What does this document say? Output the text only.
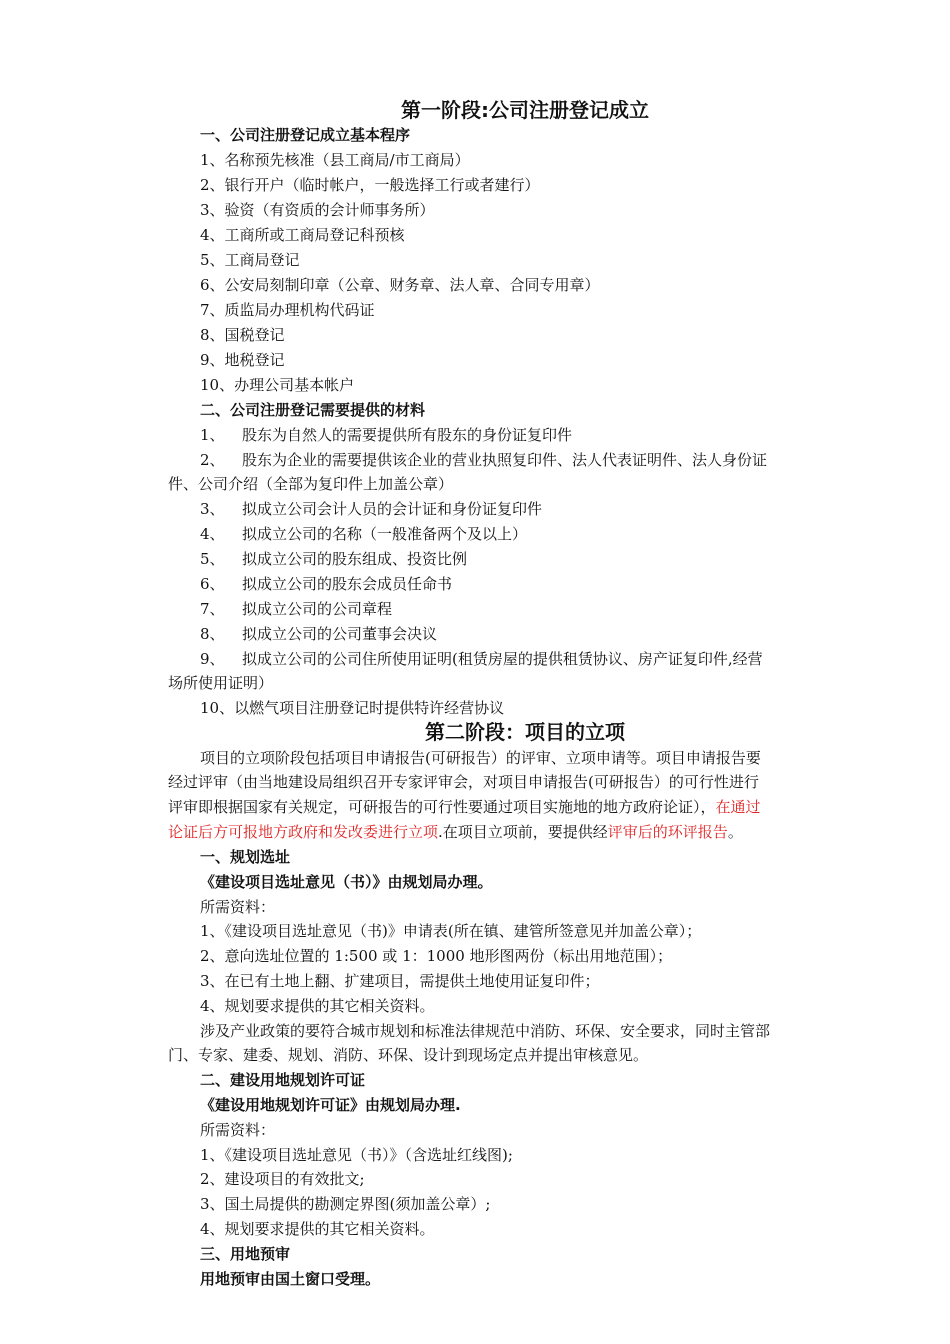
第一阶段:公司注册登记成立
一、公司注册登记成立基本程序
1、名称预先核准（县工商局/市工商局）
2、银行开户（临时帐户，一般选择工行或者建行）
3、验资（有资质的会计师事务所）
4、工商所或工商局登记科预核
5、工商局登记
6、公安局刻制印章（公章、财务章、法人章、合同专用章）
7、质监局办理机构代码证
8、国税登记
9、地税登记
10、办理公司基本帐户
二、公司注册登记需要提供的材料
1、 股东为自然人的需要提供所有股东的身份证复印件
2、 股东为企业的需要提供该企业的营业执照复印件、法人代表证明件、法人身份证
件、公司介绍（全部为复印件上加盖公章）
3、 拟成立公司会计人员的会计证和身份证复印件
4、 拟成立公司的名称（一般准备两个及以上）
5、 拟成立公司的股东组成、投资比例
6、 拟成立公司的股东会成员任命书
7、 拟成立公司的公司章程
8、 拟成立公司的公司董事会决议
9、 拟成立公司的公司住所使用证明(租赁房屋的提供租赁协议、房产证复印件,经营
场所使用证明）
10、以燃气项目注册登记时提供特许经营协议
第二阶段：项目的立项
项目的立项阶段包括项目申请报告(可研报告）的评审、立项申请等。项目申请报告要
经过评审（由当地建设局组织召开专家评审会，对项目申请报告(可研报告）的可行性进行
评审即根据国家有关规定，可研报告的可行性要通过项目实施地的地方政府论证），在通过
论证后方可报地方政府和发改委进行立项.在项目立项前，要提供经评审后的环评报告。
一、规划选址
《建设项目选址意见（书）》由规划局办理。
所需资料：
1、《建设项目选址意见（书)》申请表(所在镇、建管所签意见并加盖公章）；
2、意向选址位置的 1:500 或 1：1000 地形图两份（标出用地范围）；
3、在已有土地上翻、扩建项目，需提供土地使用证复印件；
4、规划要求提供的其它相关资料。
涉及产业政策的要符合城市规划和标准法律规范中消防、环保、安全要求，同时主管部
门、专家、建委、规划、消防、环保、设计到现场定点并提出审核意见。
二、建设用地规划许可证
《建设用地规划许可证》由规划局办理.
所需资料：
1、《建设项目选址意见（书）》（含选址红线图);
2、建设项目的有效批文;
3、国土局提供的勘测定界图(须加盖公章）;
4、规划要求提供的其它相关资料。
三、用地预审
用地预审由国土窗口受理。
